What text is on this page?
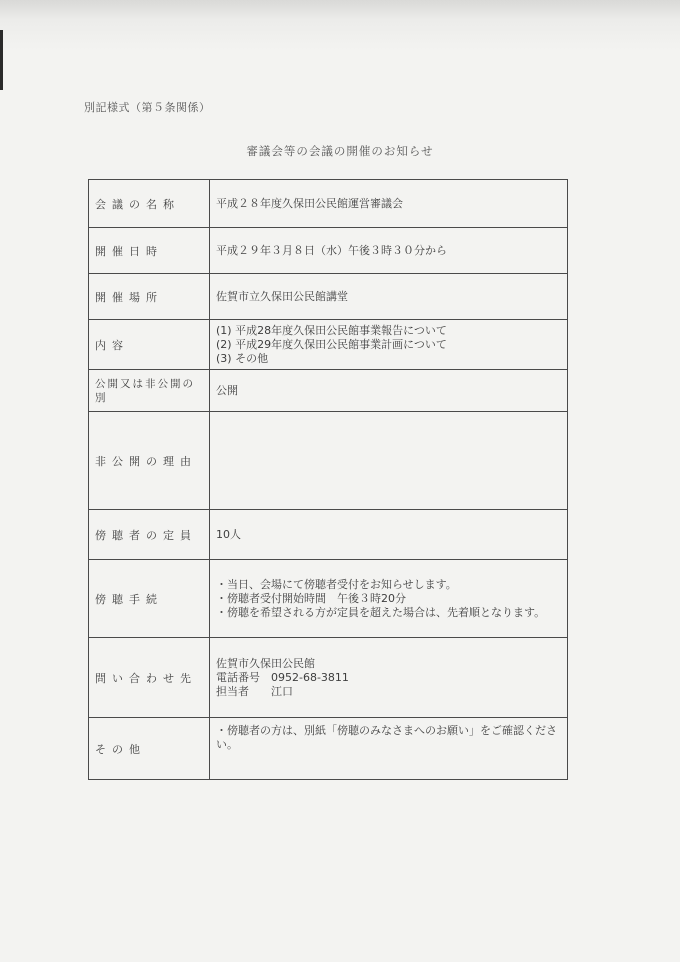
別記様式（第５条関係）
審議会等の会議の開催のお知らせ
会議の名称	平成２８年度久保田公民館運営審議会

開催日時	平成２９年３月８日（水）午後３時３０分から

開催場所	佐賀市立久保田公民館講堂

内容	(1) 平成28年度久保田公民館事業報告について
(2) 平成29年度久保田公民館事業計画について
(3) その他

公開又は非公開の別	公開

非公開の理由	
傍聴者の定員	10人

傍聴手続	・当日、会場にて傍聴者受付をお知らせします。
・傍聴者受付開始時間　午後３時20分
・傍聴を希望される方が定員を超えた場合は、先着順となります。

問い合わせ先	佐賀市久保田公民館
電話番号　0952-68-3811
担当者　　江口

その他	・傍聴者の方は、別紙「傍聴のみなさまへのお願い」をご確認ください。
